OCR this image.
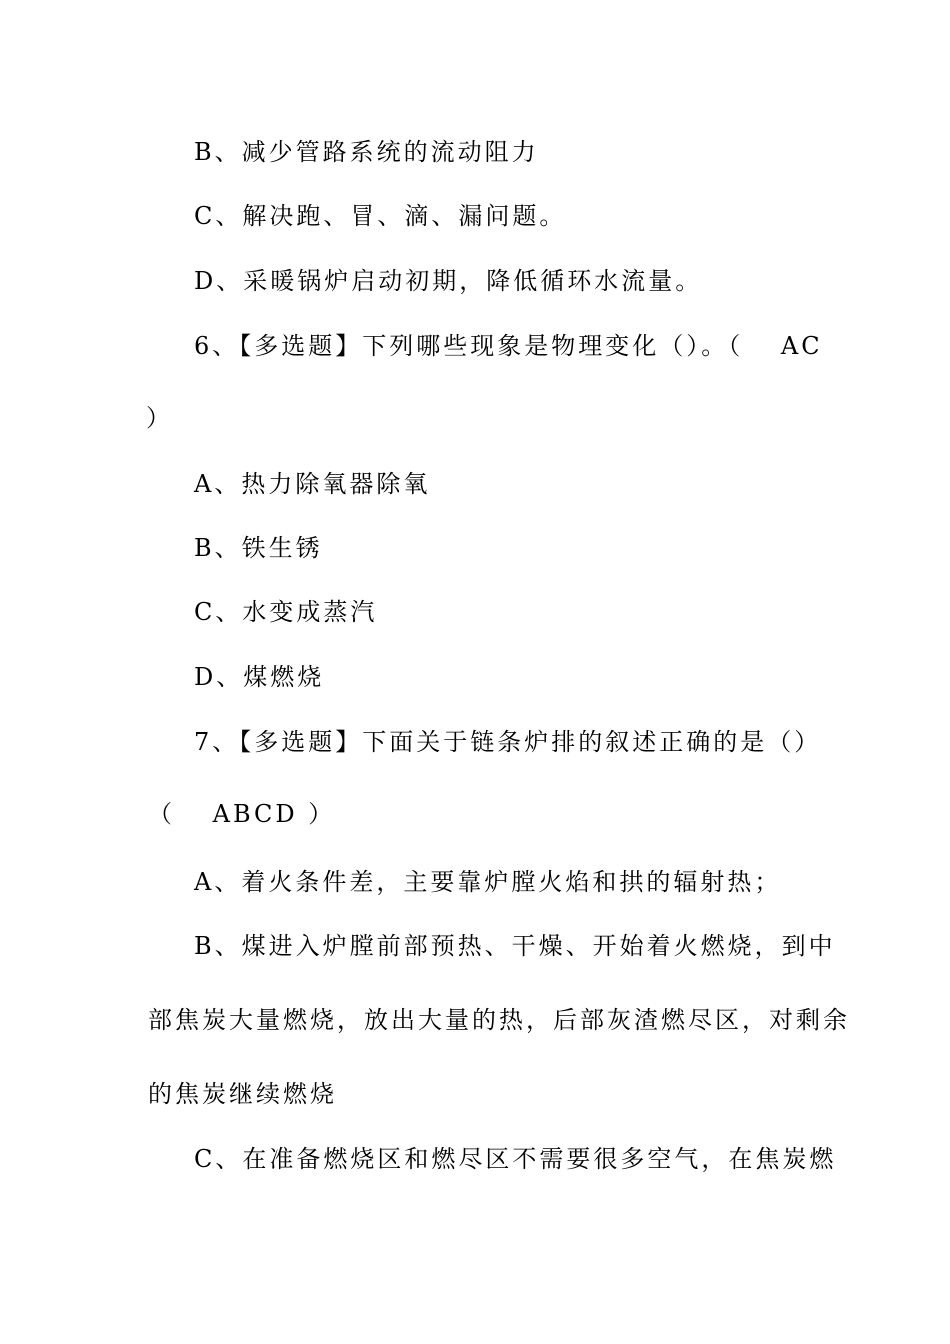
B、减少管路系统的流动阻力
C、解决跑、冒、滴、漏问题。
D、采暖锅炉启动初期，降低循环水流量。
6、【多选题】下列哪些现象是物理变化（）。（　 AC
）
A、热力除氧器除氧
B、铁生锈
C、水变成蒸汽
D、煤燃烧
7、【多选题】下面关于链条炉排的叙述正确的是（）
（　 ABCD ）
A、着火条件差，主要靠炉膛火焰和拱的辐射热；
B、煤进入炉膛前部预热、干燥、开始着火燃烧，到中
部焦炭大量燃烧，放出大量的热，后部灰渣燃尽区，对剩余
的焦炭继续燃烧
C、在准备燃烧区和燃尽区不需要很多空气，在焦炭燃
